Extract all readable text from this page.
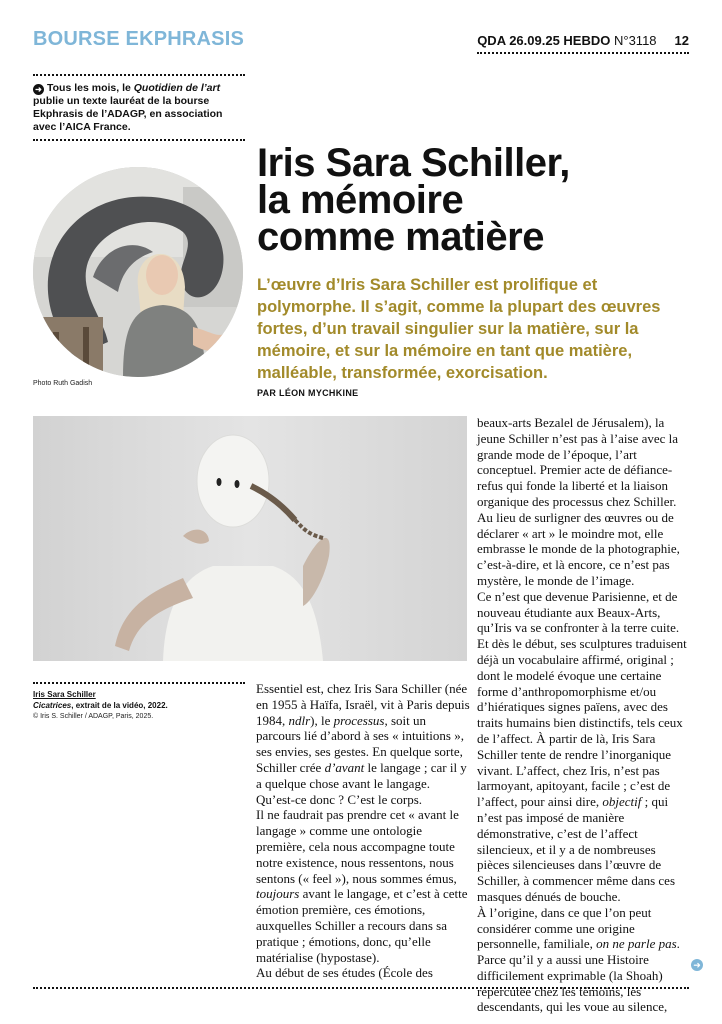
BOURSE EKPHRASIS	QDA 26.09.25 HEBDO N°3118 12
➜ Tous les mois, le Quotidien de l’art publie un texte lauréat de la bourse Ekphrasis de l’ADAGP, en association avec l’AICA France.
Photo Ruth Gadish
Iris Sara Schiller,
la mémoire
comme matière
L’œuvre d’Iris Sara Schiller est prolifique et polymorphe. Il s’agit, comme la plupart des œuvres fortes, d’un travail singulier sur la matière, sur la mémoire, et sur la mémoire en tant que matière, malléable, transformée, exorcisation.
PAR LÉON MYCHKINE
Iris Sara Schiller
Cicatrices, extrait de la vidéo, 2022.
© Iris S. Schiller / ADAGP, Paris, 2025.

Essentiel est, chez Iris Sara Schiller (née en 1955 à Haïfa, Israël, vit à Paris depuis 1984, ndlr), le processus, soit un parcours lié d’abord à ses « intuitions », ses envies, ses gestes. En quelque sorte, Schiller crée d’avant le langage ; car il y a quelque chose avant le langage. Qu’est-ce donc ? C’est le corps.

Il ne faudrait pas prendre cet « avant le langage » comme une ontologie première, cela nous accompagne toute notre existence, nous ressentons, nous sentons (« feel »), nous sommes émus, toujours avant le langage, et c’est à cette émotion première, ces émotions, auxquelles Schiller a recours dans sa pratique ; émotions, donc, qu’elle matérialise (hypostase).

Au début de ses études (École des

beaux-arts Bezalel de Jérusalem), la jeune Schiller n’est pas à l’aise avec la grande mode de l’époque, l’art conceptuel. Premier acte de défiance-refus qui fonde la liberté et la liaison organique des processus chez Schiller. Au lieu de surligner des œuvres ou de déclarer « art » le moindre mot, elle embrasse le monde de la photographie, c’est-à-dire, et là encore, ce n’est pas mystère, le monde de l’image.

Ce n’est que devenue Parisienne, et de nouveau étudiante aux Beaux-Arts, qu’Iris va se confronter à la terre cuite. Et dès le début, ses sculptures traduisent déjà un vocabulaire affirmé, original ; dont le modelé évoque une certaine forme d’anthropomorphisme et/ou d’hiératiques signes païens, avec des traits humains bien distinctifs, tels ceux de l’affect. À partir de là, Iris Sara Schiller tente de rendre l’inorganique vivant. L’affect, chez Iris, n’est pas larmoyant, apitoyant, facile ; c’est de l’affect, pour ainsi dire, objectif ; qui n’est pas imposé de manière démonstrative, c’est de l’affect silencieux, et il y a de nombreuses pièces silencieuses dans l’œuvre de Schiller, à commencer même dans ces masques dénués de bouche.

À l’origine, dans ce que l’on peut considérer comme une origine personnelle, familiale, on ne parle pas. Parce qu’il y a aussi une Histoire difficilement exprimable (la Shoah) répercutée chez les témoins, les descendants, qui les voue au silence,

➜
